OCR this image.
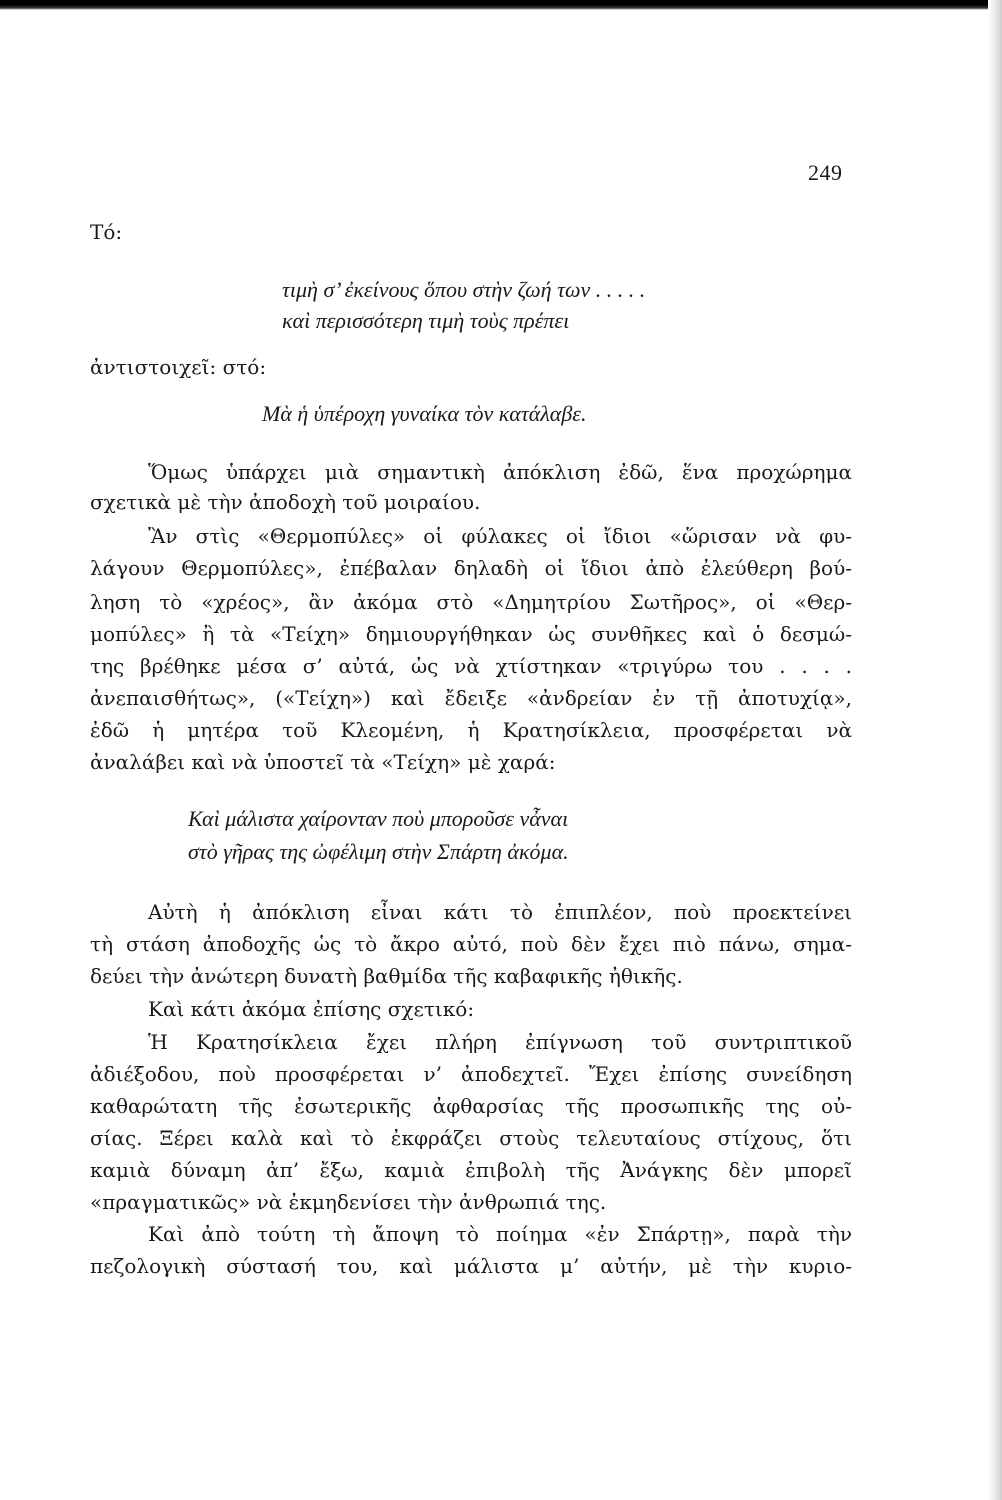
249

Τό:

τιμὴ σ’ ἐκείνους ὅπου στὴν ζωή των . . . . .

καὶ περισσότερη τιμὴ τοὺς πρέπει

ἀντιστοιχεῖ: στό:

Μὰ ἡ ὑπέροχη γυναίκα τὸν κατάλαβε.

Ὅμως ὑπάρχει μιὰ σημαντικὴ ἀπόκλιση ἐδῶ, ἕνα προχώρημα

σχετικὰ μὲ τὴν ἀποδοχὴ τοῦ μοιραίου.

Ἂν στὶς «Θερμοπύλες» οἱ φύλακες οἱ ἴδιοι «ὥρισαν νὰ φυ-

λάγουν Θερμοπύλες», ἐπέβαλαν δηλαδὴ οἱ ἴδιοι ἀπὸ ἐλεύθερη βού-

ληση τὸ «χρέος», ἂν ἀκόμα στὸ «Δημητρίου Σωτῆρος», οἱ «Θερ-

μοπύλες» ἢ τὰ «Τείχη» δημιουργήθηκαν ὡς συνθῆκες καὶ ὁ δεσμώ-

της βρέθηκε μέσα σ’ αὐτά, ὡς νὰ χτίστηκαν «τριγύρω του . . . .

ἀνεπαισθήτως», («Τείχη») καὶ ἔδειξε «ἀνδρείαν ἐν τῇ ἀποτυχίᾳ»,

ἐδῶ ἡ μητέρα τοῦ Κλεομένη, ἡ Κρατησίκλεια, προσφέρεται νὰ

ἀναλάβει καὶ νὰ ὑποστεῖ τὰ «Τείχη» μὲ χαρά:

Καὶ μάλιστα χαίρονταν ποὺ μποροῦσε νἆναι

στὸ γῆρας της ὠφέλιμη στὴν Σπάρτη ἀκόμα.

Αὐτὴ ἡ ἀπόκλιση εἶναι κάτι τὸ ἐπιπλέον, ποὺ προεκτείνει

τὴ στάση ἀποδοχῆς ὡς τὸ ἄκρο αὐτό, ποὺ δὲν ἔχει πιὸ πάνω, σημα-

δεύει τὴν ἀνώτερη δυνατὴ βαθμίδα τῆς καβαφικῆς ἠθικῆς.

Καὶ κάτι ἀκόμα ἐπίσης σχετικό:

Ἡ Κρατησίκλεια ἔχει πλήρη ἐπίγνωση τοῦ συντριπτικοῦ

ἀδιέξοδου, ποὺ προσφέρεται ν’ ἀποδεχτεῖ. Ἔχει ἐπίσης συνείδηση

καθαρώτατη τῆς ἐσωτερικῆς ἀφθαρσίας τῆς προσωπικῆς της οὐ-

σίας. Ξέρει καλὰ καὶ τὸ ἐκφράζει στοὺς τελευταίους στίχους, ὅτι

καμιὰ δύναμη ἀπ’ ἔξω, καμιὰ ἐπιβολὴ τῆς Ἀνάγκης δὲν μπορεῖ

«πραγματικῶς» νὰ ἐκμηδενίσει τὴν ἀνθρωπιά της.

Καὶ ἀπὸ τούτη τὴ ἄποψη τὸ ποίημα «ἐν Σπάρτῃ», παρὰ τὴν

πεζολογικὴ σύστασή του, καὶ μάλιστα μ’ αὐτήν, μὲ τὴν κυριο-
